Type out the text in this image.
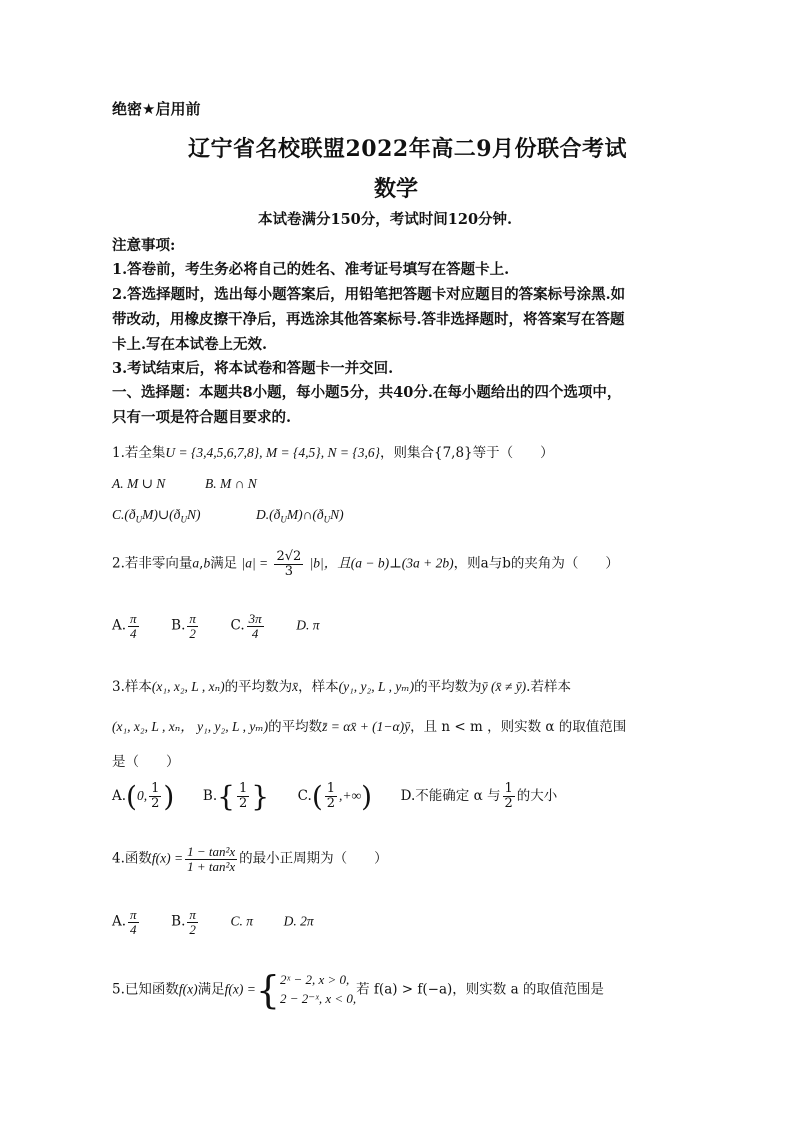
绝密★启用前
辽宁省名校联盟2022年高二9月份联合考试
数学
本试卷满分150分，考试时间120分钟.
注意事项:
1.答卷前，考生务必将自己的姓名、准考证号填写在答题卡上.
2.答选择题时，选出每小题答案后，用铅笔把答题卡对应题目的答案标号涂黑.如
带改动，用橡皮擦干净后，再选涂其他答案标号.答非选择题时，将答案写在答题
卡上.写在本试卷上无效.
3.考试结束后，将本试卷和答题卡一并交回.
一、选择题：本题共8小题，每小题5分，共40分.在每小题给出的四个选项中，
只有一项是符合题目要求的.
1.若全集U = {3,4,5,6,7,8}, M = {4,5}, N = {3,6}，则集合{7,8}等于（　　）
A. M ∪ N	B. M ∩ N
$C.(ð_UM)\cup(ð_UN)$	$D.(ð_UM)\cap(ð_UN)$
2.若非零向量a,b满足 $|a| = \frac{2√2}{3} |b|$，且(a − b)⊥(3a + 2b)，则a与b的夹角为（　　）
A. $\frac{\pi}{4} B$. $\frac{\pi}{2} C$. $\frac{3\pi}{4} D$. π
3.样本(x₁, x₂, L , xₙ)的平均数为x̄，样本(y₁, y₂, L , yₘ)的平均数为ȳ (x̄ ≠ ȳ).若样本
(x₁, x₂, L , xₙ， y₁, y₂, L , yₘ)的平均数z̄ = αx̄ + (1−α)ȳ，且 n < m ，则实数 α 的取值范围
是（　　）
A.(0, $\frac{1}{2}$ ) $B.\{ \frac{1}{2}$ } $C.( \frac{1}{2}$ ,+∞) D.不能确定 α 与 $\frac{1}{2}$ 的大小
4.函数$f(x) = \frac{\text{1 − tan²x}}{\text{1 + tan²x}}$ 的最小正周期为（　　）
A. $\frac{\pi}{4} B$. $\frac{\pi}{2} C$. π D. 2π
5.已知函数f(x)满足f(x) ={ 2ˣ − 2, x > 0,
2 − 2⁻ˣ, x < 0,
若 f(a) > f(−a)，则实数 a 的取值范围是
